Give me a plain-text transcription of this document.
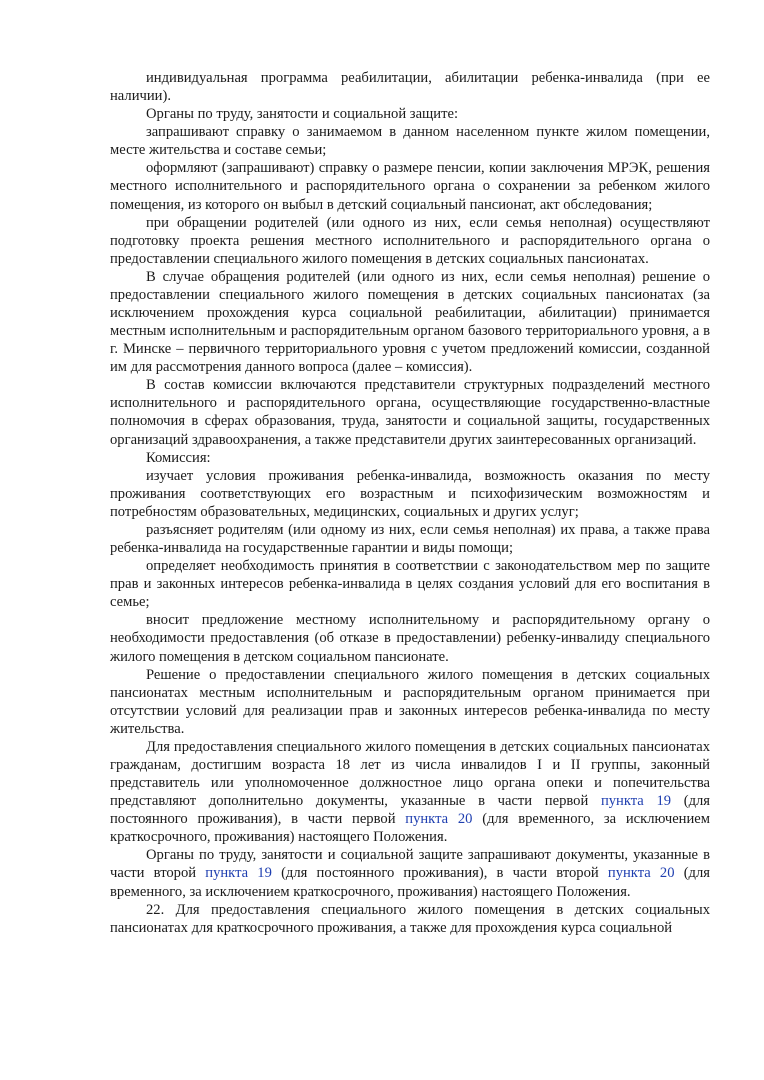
индивидуальная программа реабилитации, абилитации ребенка-инвалида (при ее наличии).

Органы по труду, занятости и социальной защите:

запрашивают справку о занимаемом в данном населенном пункте жилом помещении, месте жительства и составе семьи;

оформляют (запрашивают) справку о размере пенсии, копии заключения МРЭК, решения местного исполнительного и распорядительного органа о сохранении за ребенком жилого помещения, из которого он выбыл в детский социальный пансионат, акт обследования;

при обращении родителей (или одного из них, если семья неполная) осуществляют подготовку проекта решения местного исполнительного и распорядительного органа о предоставлении специального жилого помещения в детских социальных пансионатах.

В случае обращения родителей (или одного из них, если семья неполная) решение о предоставлении специального жилого помещения в детских социальных пансионатах (за исключением прохождения курса социальной реабилитации, абилитации) принимается местным исполнительным и распорядительным органом базового территориального уровня, а в г. Минске – первичного территориального уровня с учетом предложений комиссии, созданной им для рассмотрения данного вопроса (далее – комиссия).

В состав комиссии включаются представители структурных подразделений местного исполнительного и распорядительного органа, осуществляющие государственно-властные полномочия в сферах образования, труда, занятости и социальной защиты, государственных организаций здравоохранения, а также представители других заинтересованных организаций.

Комиссия:

изучает условия проживания ребенка-инвалида, возможность оказания по месту проживания соответствующих его возрастным и психофизическим возможностям и потребностям образовательных, медицинских, социальных и других услуг;

разъясняет родителям (или одному из них, если семья неполная) их права, а также права ребенка-инвалида на государственные гарантии и виды помощи;

определяет необходимость принятия в соответствии с законодательством мер по защите прав и законных интересов ребенка-инвалида в целях создания условий для его воспитания в семье;

вносит предложение местному исполнительному и распорядительному органу о необходимости предоставления (об отказе в предоставлении) ребенку-инвалиду специального жилого помещения в детском социальном пансионате.

Решение о предоставлении специального жилого помещения в детских социальных пансионатах местным исполнительным и распорядительным органом принимается при отсутствии условий для реализации прав и законных интересов ребенка-инвалида по месту жительства.

Для предоставления специального жилого помещения в детских социальных пансионатах гражданам, достигшим возраста 18 лет из числа инвалидов I и II группы, законный представитель или уполномоченное должностное лицо органа опеки и попечительства представляют дополнительно документы, указанные в части первой пункта 19 (для постоянного проживания), в части первой пункта 20 (для временного, за исключением краткосрочного, проживания) настоящего Положения.

Органы по труду, занятости и социальной защите запрашивают документы, указанные в части второй пункта 19 (для постоянного проживания), в части второй пункта 20 (для временного, за исключением краткосрочного, проживания) настоящего Положения.

22. Для предоставления специального жилого помещения в детских социальных пансионатах для краткосрочного проживания, а также для прохождения курса социальной
